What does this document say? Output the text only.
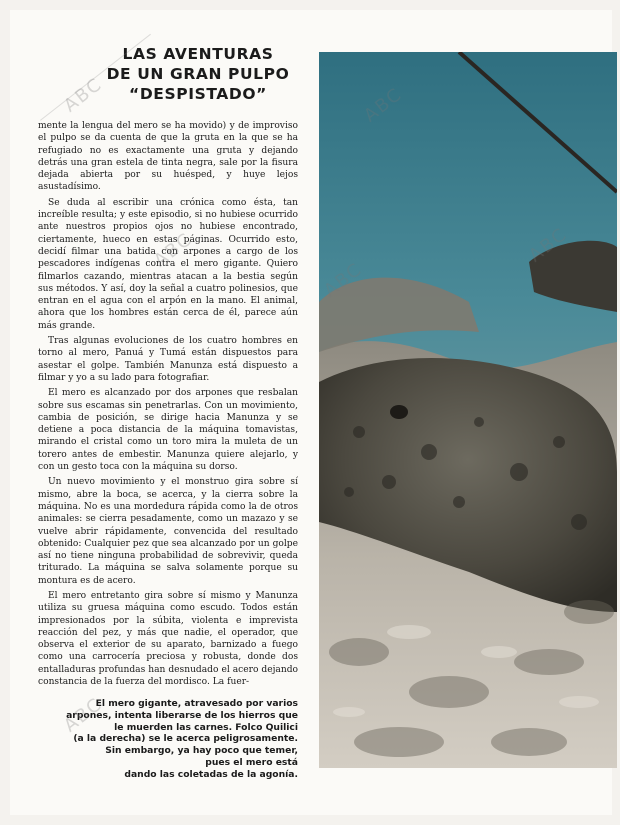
LAS AVENTURAS
DE UN GRAN PULPO
“DESPISTADO”

mente la lengua del mero se ha movido) y de improviso el pulpo se da cuenta de que la gruta en la que se ha refugiado no es exactamente una gruta y dejando detrás una gran estela de tinta negra, sale por la fisura dejada abierta por su huésped, y huye lejos asustadísimo.

Se duda al escribir una crónica como ésta, tan increíble resulta; y este episodio, si no hubiese ocurrido ante nuestros propios ojos no hubiese encontrado, ciertamente, hueco en estas páginas. Ocurrido esto, decidí filmar una batida con arpones a cargo de los pescadores indígenas contra el mero gigante. Quiero filmarlos cazando, mientras atacan a la bestia según sus métodos. Y así, doy la señal a cuatro polinesios, que entran en el agua con el arpón en la mano. El animal, ahora que los hombres están cerca de él, parece aún más grande.

Tras algunas evoluciones de los cuatro hombres en torno al mero, Panuá y Tumá están dispuestos para asestar el golpe. También Manunza está dispuesto a filmar y yo a su lado para fotografiar.

El mero es alcanzado por dos arpones que resbalan sobre sus escamas sin penetrarlas. Con un movimiento, cambia de posición, se dirige hacia Manunza y se detiene a poca distancia de la máquina tomavistas, mirando el cristal como un toro mira la muleta de un torero antes de embestir. Manunza quiere alejarlo, y con un gesto toca con la máquina su dorso.

Un nuevo movimiento y el monstruo gira sobre sí mismo, abre la boca, se acerca, y la cierra sobre la máquina. No es una mordedura rápida como la de otros animales: se cierra pesadamente, como un mazazo y se vuelve abrir rápidamente, convencida del resultado obtenido: Cualquier pez que sea alcanzado por un golpe así no tiene ninguna probabilidad de sobrevivir, queda triturado. La máquina se salva solamente porque su montura es de acero.

El mero entretanto gira sobre sí mismo y Manunza utiliza su gruesa máquina como escudo. Todos están impresionados por la súbita, violenta e imprevista reacción del pez, y más que nadie, el operador, que observa el exterior de su aparato, barnizado a fuego como una carrocería preciosa y robusta, donde dos entalladuras profundas han desnudado el acero dejando constancia de la fuerza del mordisco. La fuer-

El mero gigante, atravesado por varios
arpones, intenta liberarse de los hierros que
le muerden las carnes. Folco Quilici
(a la derecha) se le acerca peligrosamente.
Sin embargo, ya hay poco que temer,
pues el mero está
dando las coletadas de la agonía.
ABC	ABC
ABC
ABC
ABC
ABC
